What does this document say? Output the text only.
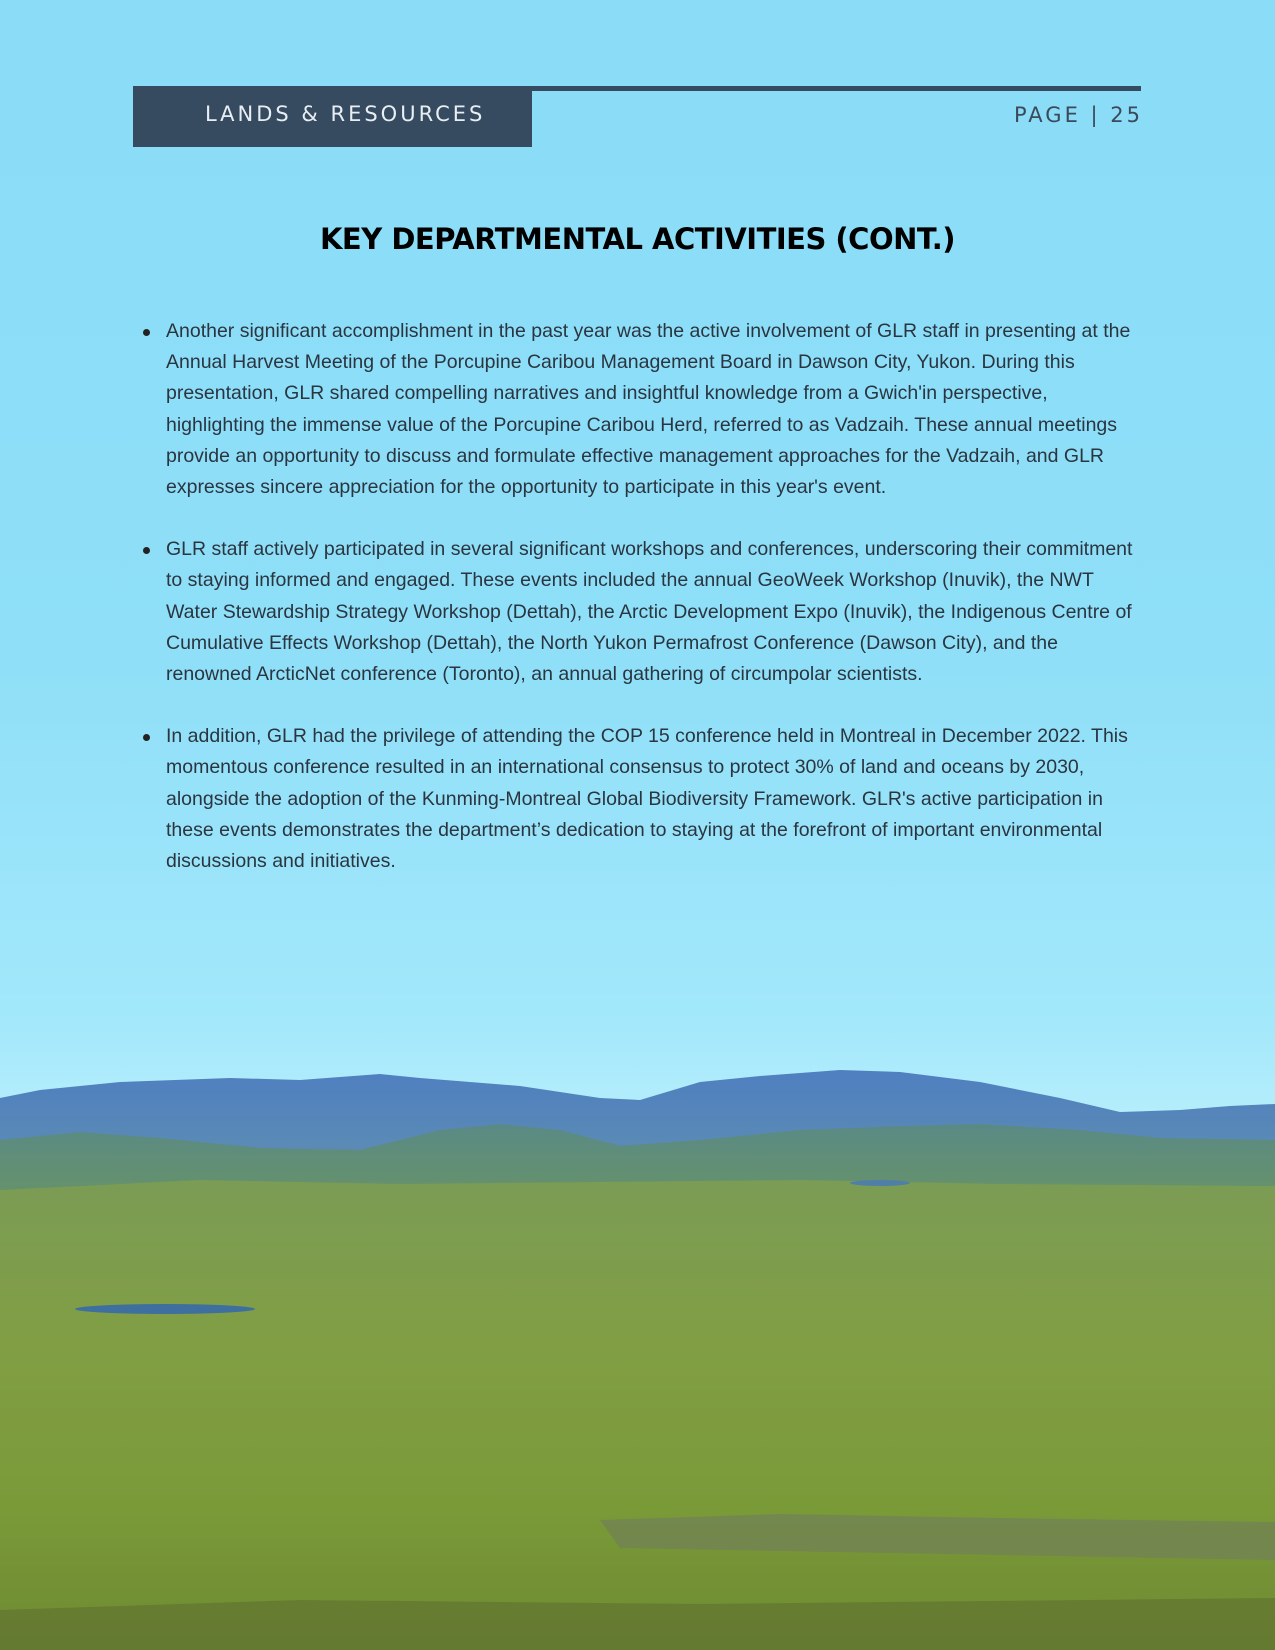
LANDS & RESOURCES	PAGE | 25
KEY DEPARTMENTAL ACTIVITIES (CONT.)
Another significant accomplishment in the past year was the active involvement of GLR staff in presenting at the Annual Harvest Meeting of the Porcupine Caribou Management Board in Dawson City, Yukon. During this presentation, GLR shared compelling narratives and insightful knowledge from a Gwich'in perspective, highlighting the immense value of the Porcupine Caribou Herd, referred to as Vadzaih. These annual meetings provide an opportunity to discuss and formulate effective management approaches for the Vadzaih, and GLR expresses sincere appreciation for the opportunity to participate in this year's event.
GLR staff actively participated in several significant workshops and conferences, underscoring their commitment to staying informed and engaged. These events included the annual GeoWeek Workshop (Inuvik), the NWT Water Stewardship Strategy Workshop (Dettah), the Arctic Development Expo (Inuvik), the Indigenous Centre of Cumulative Effects Workshop (Dettah), the North Yukon Permafrost Conference (Dawson City), and the renowned ArcticNet conference (Toronto), an annual gathering of circumpolar scientists.
In addition, GLR had the privilege of attending the COP 15 conference held in Montreal in December 2022. This momentous conference resulted in an international consensus to protect 30% of land and oceans by 2030, alongside the adoption of the Kunming-Montreal Global Biodiversity Framework. GLR's active participation in these events demonstrates the department’s dedication to staying at the forefront of important environmental discussions and initiatives.
